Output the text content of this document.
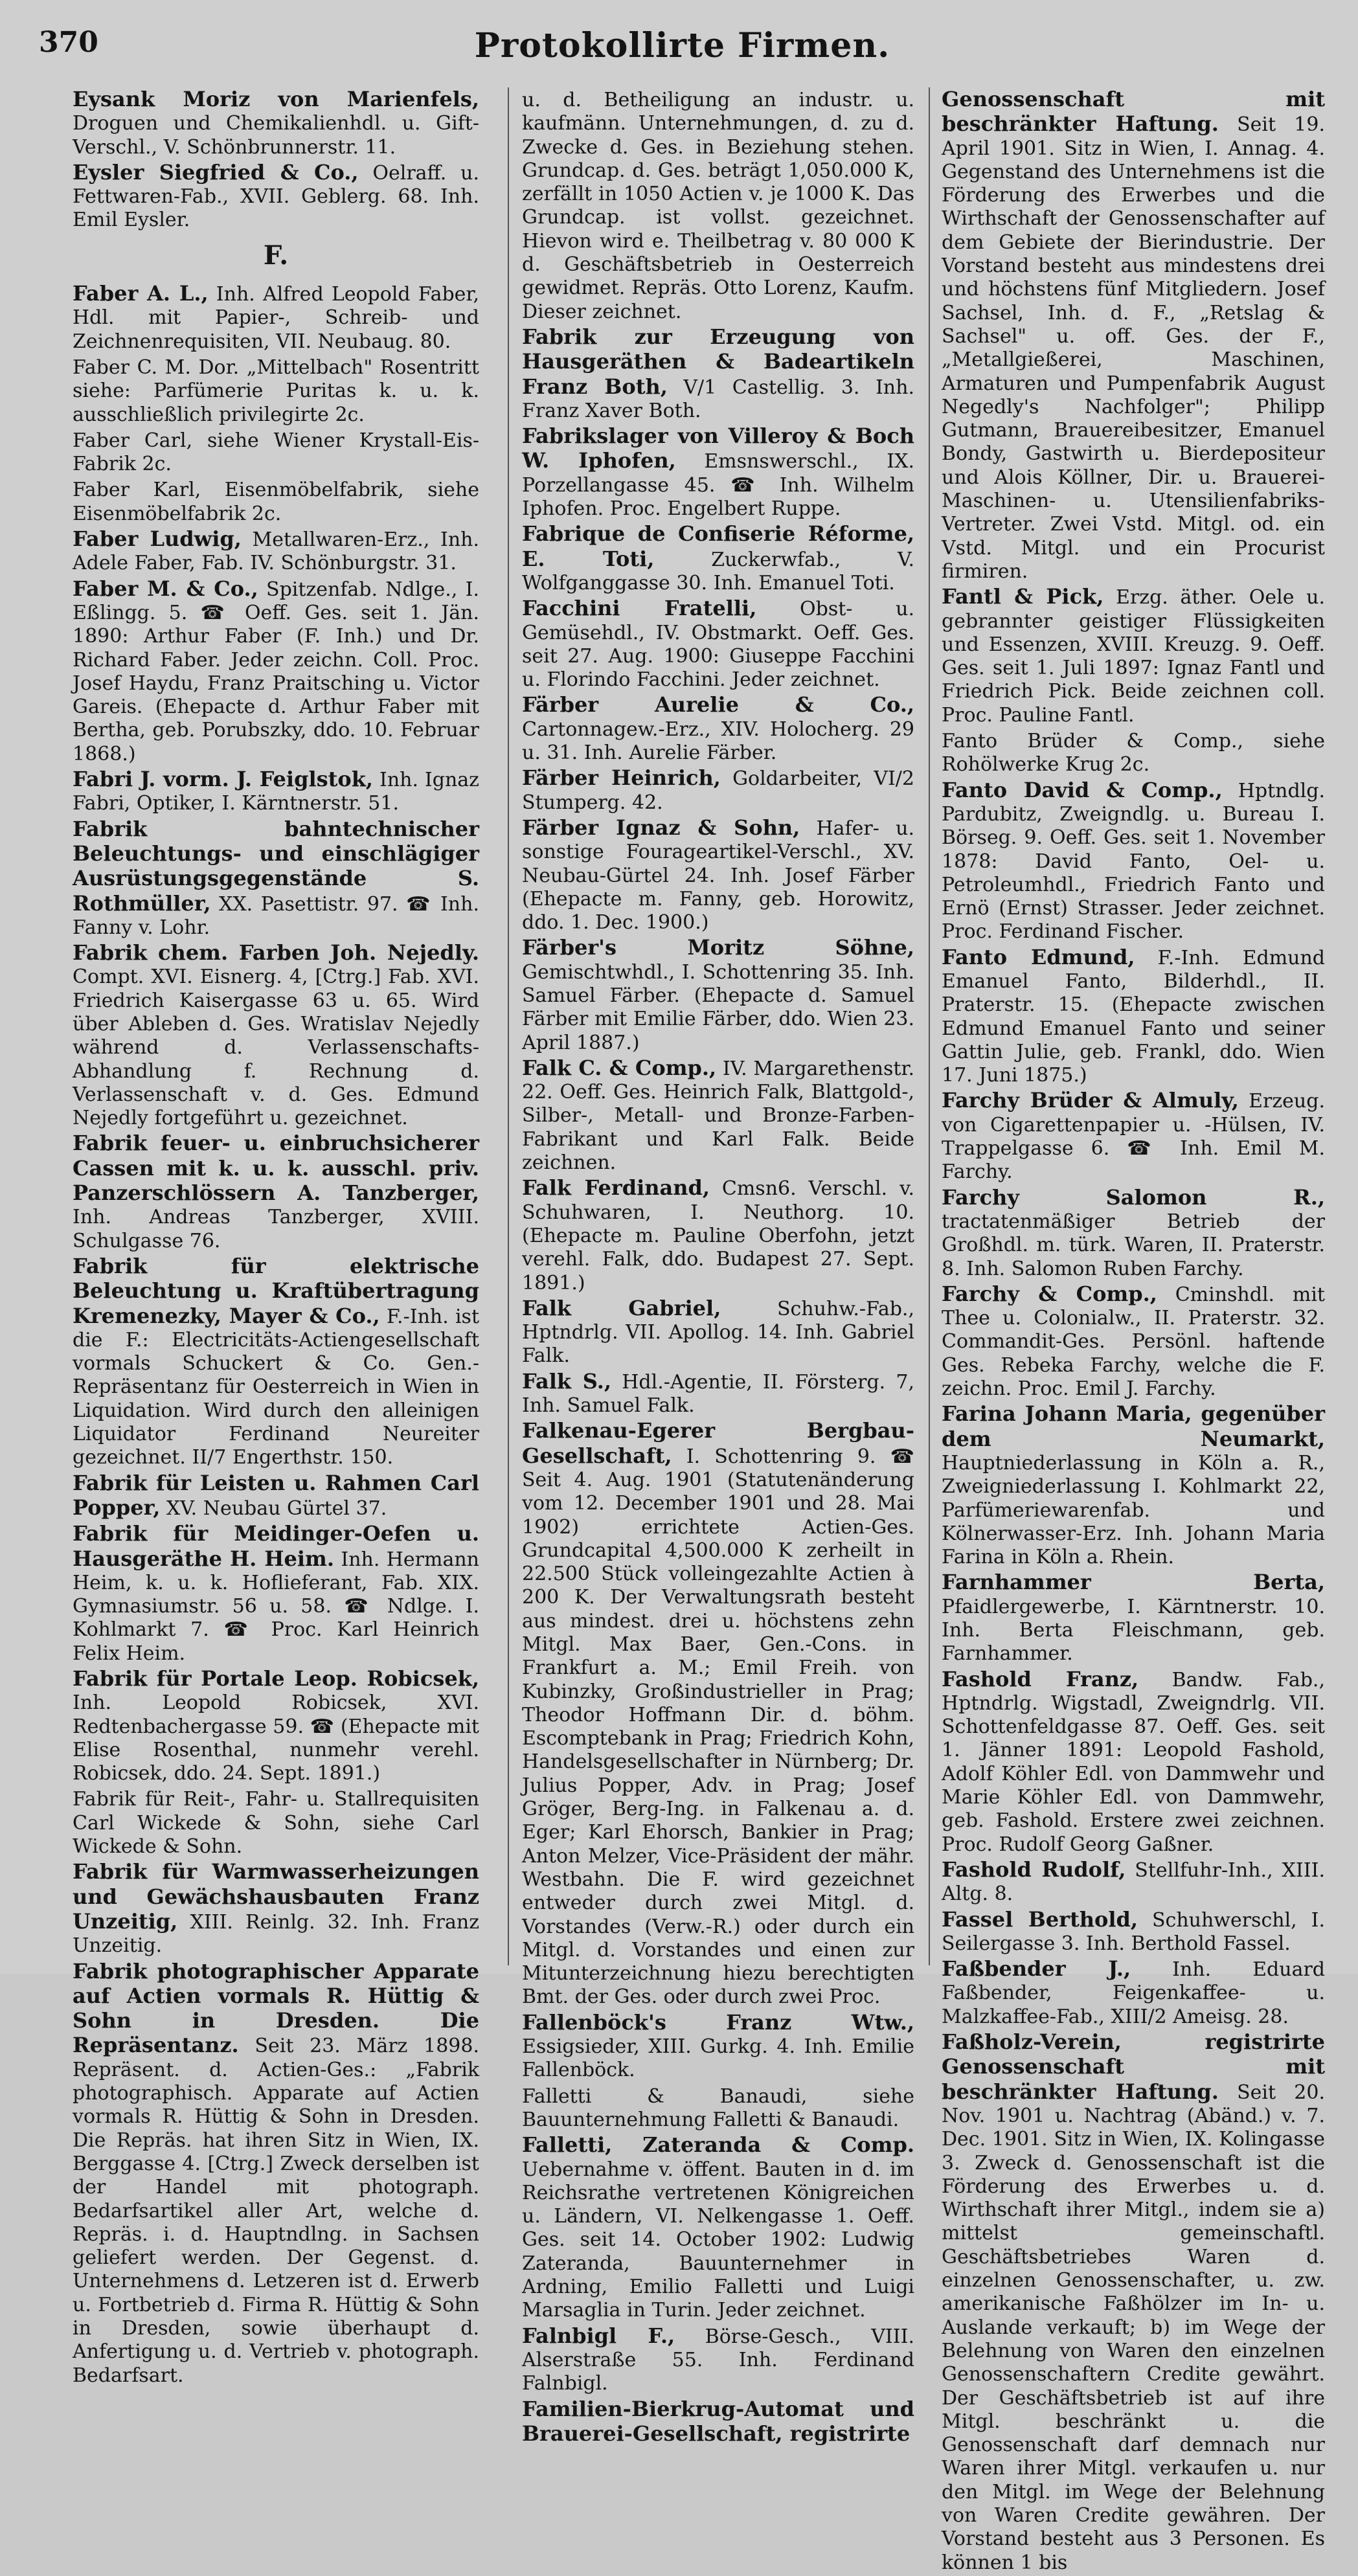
370	Protokollirte Firmen.

Eysank Moriz von Marienfels, Droguen und Chemikalienhdl. u. Gift-Verschl., V. Schönbrunnerstr. 11.

Eysler Siegfried & Co., Oelraff. u. Fettwaren-Fab., XVII. Geblerg. 68. Inh. Emil Eysler.

F.

Faber A. L., Inh. Alfred Leopold Faber, Hdl. mit Papier-, Schreib- und Zeichnenrequisiten, VII. Neubaug. 80.

Faber C. M. Dor. „Mittelbach" Rosentritt siehe: Parfümerie Puritas k. u. k. ausschließlich privilegirte 2c.

Faber Carl, siehe Wiener Krystall-Eis-Fabrik 2c.

Faber Karl, Eisenmöbelfabrik, siehe Eisenmöbelfabrik 2c.

Faber Ludwig, Metallwaren-Erz., Inh. Adele Faber, Fab. IV. Schönburgstr. 31.

Faber M. & Co., Spitzenfab. Ndlge., I. Eßlingg. 5. ☎ Oeff. Ges. seit 1. Jän. 1890: Arthur Faber (F. Inh.) und Dr. Richard Faber. Jeder zeichn. Coll. Proc. Josef Haydu, Franz Praitsching u. Victor Gareis. (Ehepacte d. Arthur Faber mit Bertha, geb. Porubszky, ddo. 10. Februar 1868.)

Fabri J. vorm. J. Feiglstok, Inh. Ignaz Fabri, Optiker, I. Kärntnerstr. 51.

Fabrik bahntechnischer Beleuchtungs- und einschlägiger Ausrüstungsgegenstände S. Rothmüller, XX. Pasettistr. 97. ☎ Inh. Fanny v. Lohr.

Fabrik chem. Farben Joh. Nejedly. Compt. XVI. Eisnerg. 4, [Ctrg.] Fab. XVI. Friedrich Kaisergasse 63 u. 65. Wird über Ableben d. Ges. Wratislav Nejedly während d. Verlassenschafts-Abhandlung f. Rechnung d. Verlassenschaft v. d. Ges. Edmund Nejedly fortgeführt u. gezeichnet.

Fabrik feuer- u. einbruchsicherer Cassen mit k. u. k. ausschl. priv. Panzerschlössern A. Tanzberger, Inh. Andreas Tanzberger, XVIII. Schulgasse 76.

Fabrik für elektrische Beleuchtung u. Kraftübertragung Kremenezky, Mayer & Co., F.-Inh. ist die F.: Electricitäts-Actiengesellschaft vormals Schuckert & Co. Gen.-Repräsentanz für Oesterreich in Wien in Liquidation. Wird durch den alleinigen Liquidator Ferdinand Neureiter gezeichnet. II/7 Engerthstr. 150.

Fabrik für Leisten u. Rahmen Carl Popper, XV. Neubau Gürtel 37.

Fabrik für Meidinger-Oefen u. Hausgeräthe H. Heim. Inh. Hermann Heim, k. u. k. Hoflieferant, Fab. XIX. Gymnasiumstr. 56 u. 58. ☎ Ndlge. I. Kohlmarkt 7. ☎ Proc. Karl Heinrich Felix Heim.

Fabrik für Portale Leop. Robicsek, Inh. Leopold Robicsek, XVI. Redtenbachergasse 59. ☎ (Ehepacte mit Elise Rosenthal, nunmehr verehl. Robicsek, ddo. 24. Sept. 1891.)

Fabrik für Reit-, Fahr- u. Stallrequisiten Carl Wickede & Sohn, siehe Carl Wickede & Sohn.

Fabrik für Warmwasserheizungen und Gewächshausbauten Franz Unzeitig, XIII. Reinlg. 32. Inh. Franz Unzeitig.

Fabrik photographischer Apparate auf Actien vormals R. Hüttig & Sohn in Dresden. Die Repräsentanz. Seit 23. März 1898. Repräsent. d. Actien-Ges.: „Fabrik photographisch. Apparate auf Actien vormals R. Hüttig & Sohn in Dresden. Die Repräs. hat ihren Sitz in Wien, IX. Berggasse 4. [Ctrg.] Zweck derselben ist der Handel mit photograph. Bedarfsartikel aller Art, welche d. Repräs. i. d. Hauptndlng. in Sachsen geliefert werden. Der Gegenst. d. Unternehmens d. Letzeren ist d. Erwerb u. Fortbetrieb d. Firma R. Hüttig & Sohn in Dresden, sowie überhaupt d. Anfertigung u. d. Vertrieb v. photograph. Bedarfsart.

u. d. Betheiligung an industr. u. kaufmänn. Unternehmungen, d. zu d. Zwecke d. Ges. in Beziehung stehen. Grundcap. d. Ges. beträgt 1,050.000 K, zerfällt in 1050 Actien v. je 1000 K. Das Grundcap. ist vollst. gezeichnet. Hievon wird e. Theilbetrag v. 80 000 K d. Geschäftsbetrieb in Oesterreich gewidmet. Repräs. Otto Lorenz, Kaufm. Dieser zeichnet.

Fabrik zur Erzeugung von Hausgeräthen & Badeartikeln Franz Both, V/1 Castellig. 3. Inh. Franz Xaver Both.

Fabrikslager von Villeroy & Boch W. Iphofen, Emsnswerschl., IX. Porzellangasse 45. ☎ Inh. Wilhelm Iphofen. Proc. Engelbert Ruppe.

Fabrique de Confiserie Réforme, E. Toti,	Zuckerwfab., V. Wolfganggasse 30. Inh. Emanuel Toti.

Facchini Fratelli, Obst- u. Gemüsehdl., IV. Obstmarkt. Oeff. Ges. seit 27. Aug. 1900: Giuseppe Facchini u. Florindo Facchini. Jeder zeichnet.

Färber Aurelie & Co., Cartonnagew.-Erz., XIV. Holocherg. 29 u. 31. Inh. Aurelie Färber.

Färber Heinrich, Goldarbeiter, VI/2 Stumperg. 42.

Färber Ignaz & Sohn, Hafer- u. sonstige Fourageartikel-Verschl., XV. Neubau-Gürtel 24. Inh. Josef Färber (Ehepacte m. Fanny, geb. Horowitz, ddo. 1. Dec. 1900.)

Färber's Moritz Söhne, Gemischtwhdl., I. Schottenring 35. Inh. Samuel Färber. (Ehepacte d. Samuel Färber mit Emilie Färber, ddo. Wien 23. April 1887.)

Falk C. & Comp., IV. Margarethenstr. 22. Oeff. Ges. Heinrich Falk, Blattgold-, Silber-, Metall- und Bronze-Farben-Fabrikant und Karl Falk. Beide zeichnen.

Falk Ferdinand, Cmsn6. Verschl. v. Schuhwaren, I. Neuthorg. 10. (Ehepacte m. Pauline Oberfohn, jetzt verehl. Falk, ddo. Budapest 27. Sept. 1891.)

Falk Gabriel,	Schuhw.-Fab., Hptndrlg. VII. Apollog. 14. Inh. Gabriel Falk.

Falk S., Hdl.-Agentie, II. Försterg. 7, Inh. Samuel Falk.

Falkenau-Egerer Bergbau-Gesellschaft, I. Schottenring 9. ☎ Seit 4. Aug. 1901 (Statutenänderung vom 12. December 1901 und 28. Mai 1902) errichtete Actien-Ges. Grundcapital 4,500.000 K zerheilt in 22.500 Stück volleingezahlte Actien à 200 K. Der Verwaltungsrath besteht aus mindest. drei u. höchstens zehn Mitgl. Max Baer, Gen.-Cons. in Frankfurt a. M.; Emil Freih. von Kubinzky, Großindustrieller in Prag; Theodor Hoffmann Dir. d. böhm. Escomptebank in Prag; Friedrich Kohn, Handelsgesellschafter in Nürnberg; Dr. Julius Popper, Adv. in Prag; Josef Gröger, Berg-Ing. in Falkenau a. d. Eger; Karl Ehorsch, Bankier in Prag; Anton Melzer, Vice-Präsident der mähr. Westbahn. Die F. wird gezeichnet entweder durch zwei Mitgl. d. Vorstandes (Verw.-R.) oder durch ein Mitgl. d. Vorstandes und einen zur Mitunterzeichnung hiezu berechtigten Bmt. der Ges. oder durch zwei Proc.

Fallenböck's Franz Wtw., Essigsieder, XIII. Gurkg. 4. Inh. Emilie Fallenböck.

Falletti & Banaudi, siehe Bauunternehmung Falletti & Banaudi.

Falletti, Zateranda & Comp. Uebernahme v. öffent. Bauten in d. im Reichsrathe vertretenen Königreichen u. Ländern, VI. Nelkengasse 1. Oeff. Ges. seit 14. October 1902: Ludwig Zateranda, Bauunternehmer in Ardning, Emilio Falletti und Luigi Marsaglia in Turin. Jeder zeichnet.

Falnbigl F., Börse-Gesch., VIII. Alserstraße 55. Inh. Ferdinand Falnbigl.

Familien-Bierkrug-Automat und Brauerei-Gesellschaft, registrirte

Genossenschaft mit beschränkter Haftung. Seit 19. April 1901. Sitz in Wien, I. Annag. 4. Gegenstand des Unternehmens ist die Förderung des Erwerbes und die Wirthschaft der Genossenschafter auf dem Gebiete der Bierindustrie. Der Vorstand besteht aus mindestens drei und höchstens fünf Mitgliedern. Josef Sachsel, Inh. d. F., „Retslag & Sachsel" u. off. Ges. der F., „Metallgießerei, Maschinen, Armaturen und Pumpenfabrik August Negedly's Nachfolger"; Philipp Gutmann, Brauereibesitzer, Emanuel Bondy, Gastwirth u. Bierdepositeur und Alois Köllner, Dir. u. Brauerei-Maschinen- u. Utensilienfabriks-Vertreter. Zwei Vstd. Mitgl. od. ein Vstd. Mitgl. und ein Procurist firmiren.

Fantl & Pick, Erzg. äther. Oele u. gebrannter geistiger Flüssigkeiten und Essenzen, XVIII. Kreuzg. 9. Oeff. Ges. seit 1. Juli 1897: Ignaz Fantl und Friedrich Pick. Beide zeichnen coll. Proc. Pauline Fantl.

Fanto Brüder & Comp., siehe Rohölwerke Krug 2c.

Fanto David & Comp., Hptndlg. Pardubitz, Zweigndlg. u. Bureau I. Börseg. 9. Oeff. Ges. seit 1. November 1878: David Fanto, Oel- u. Petroleumhdl., Friedrich Fanto und Ernö (Ernst) Strasser. Jeder zeichnet. Proc. Ferdinand Fischer.

Fanto Edmund, F.-Inh. Edmund Emanuel Fanto, Bilderhdl., II. Praterstr. 15. (Ehepacte zwischen Edmund Emanuel Fanto und seiner Gattin Julie, geb. Frankl, ddo. Wien 17. Juni 1875.)

Farchy Brüder & Almuly, Erzeug. von Cigarettenpapier u. -Hülsen, IV. Trappelgasse 6. ☎ Inh. Emil M. Farchy.

Farchy Salomon R., tractatenmäßiger Betrieb der Großhdl. m. türk. Waren, II. Praterstr. 8. Inh. Salomon Ruben Farchy.

Farchy & Comp., Cminshdl. mit Thee u. Colonialw., II. Praterstr. 32. Commandit-Ges. Persönl. haftende Ges. Rebeka Farchy, welche die F. zeichn. Proc. Emil J. Farchy.

Farina Johann Maria, gegenüber dem Neumarkt, Hauptniederlassung in Köln a. R., Zweigniederlassung I. Kohlmarkt 22, Parfümeriewarenfab. und Kölnerwasser-Erz. Inh. Johann Maria Farina in Köln a. Rhein.

Farnhammer Berta, Pfaidlergewerbe, I. Kärntnerstr. 10. Inh. Berta Fleischmann, geb. Farnhammer.

Fashold Franz, Bandw. Fab., Hptndrlg. Wigstadl, Zweigndrlg. VII. Schottenfeldgasse 87. Oeff. Ges. seit 1. Jänner 1891: Leopold Fashold, Adolf Köhler Edl. von Dammwehr und Marie Köhler Edl. von Dammwehr, geb. Fashold. Erstere zwei zeichnen. Proc. Rudolf Georg Gaßner.

Fashold Rudolf, Stellfuhr-Inh., XIII. Altg. 8.

Fassel Berthold, Schuhwerschl, I. Seilergasse 3. Inh. Berthold Fassel.

Faßbender J., Inh. Eduard Faßbender, Feigenkaffee- u. Malzkaffee-Fab., XIII/2 Ameisg. 28.

Faßholz-Verein, registrirte Genossenschaft mit beschränkter Haftung. Seit 20. Nov. 1901 u. Nachtrag (Abänd.) v. 7. Dec. 1901. Sitz in Wien, IX. Kolingasse 3. Zweck d. Genossenschaft ist die Förderung des Erwerbes u. d. Wirthschaft ihrer Mitgl., indem sie a) mittelst gemeinschaftl. Geschäftsbetriebes Waren d. einzelnen Genossenschafter, u. zw. amerikanische Faßhölzer im In- u. Auslande verkauft; b) im Wege der Belehnung von Waren den einzelnen Genossenschaftern Credite gewährt. Der Geschäftsbetrieb ist auf ihre Mitgl. beschränkt u. die Genossenschaft darf demnach nur Waren ihrer Mitgl. verkaufen u. nur den Mitgl. im Wege der Belehnung von Waren Credite gewähren. Der Vorstand besteht aus 3 Personen. Es können 1 bis
